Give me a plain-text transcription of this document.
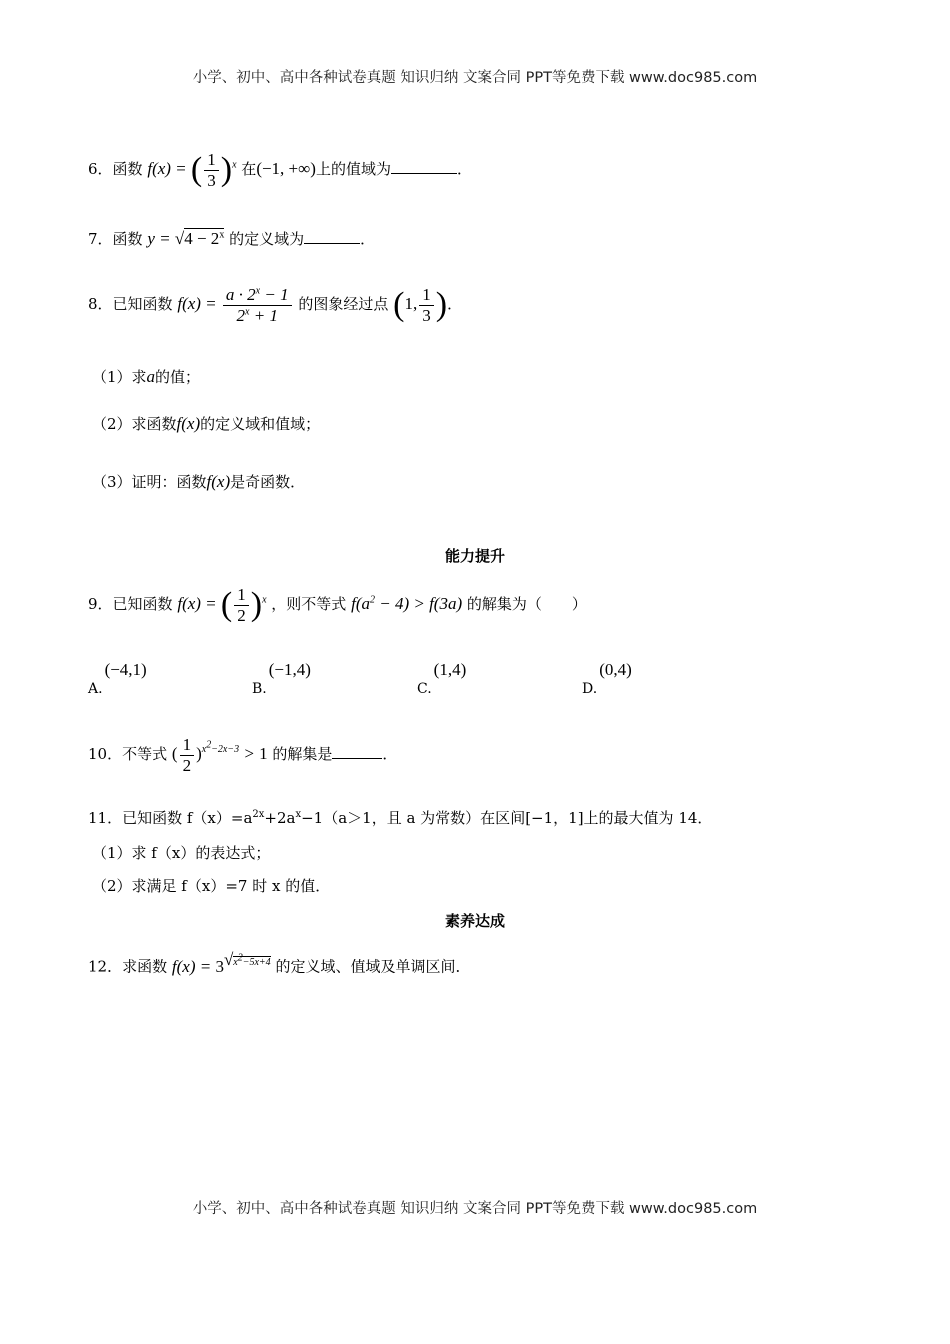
小学、初中、高中各种试卷真题 知识归纳 文案合同 PPT等免费下载 www.doc985.com
6．函数 f(x) = ( $\frac{1}{3} )^x$ 在(−1, +∞)上的值域为	．
7．函数 $y = √4 - 2^x$ 的定义域为	．
8．已知函数 $f(x) = \frac{a \cdot 2^x - 1}{2^x + 1}$ 的图象经过点 (1, $\frac{1}{3}$ )．
（1）求a的值；
（2）求函数f(x)的定义域和值域；
（3）证明：函数f(x)是奇函数．
能力提升
9．已知函数 f(x) = ( $\frac{1}{2} )^x$ ，则不等式 $f(a^2 - 4) > f(3a)$ 的解集为（　　）
A.(−4,1)
B.(−1,4)
C.(1,4)
D.(0,4)
10．不等式 ( $\frac{1}{2} )^{x^2-2x-3} > 1$ 的解集是	．
11．已知函数 $f(x)=a^{2x}+2a^x-1(a>1$，且 a 为常数）在区间[−1，1]上的最大值为 14．
（1）求 f（x）的表达式；
（2）求满足 f（x）=7 时 x 的值．
素养达成
12．求函数 $f(x) = 3^{√x^2-5x+4}$ 的定义域、值域及单调区间．
小学、初中、高中各种试卷真题 知识归纳 文案合同 PPT等免费下载 www.doc985.com
